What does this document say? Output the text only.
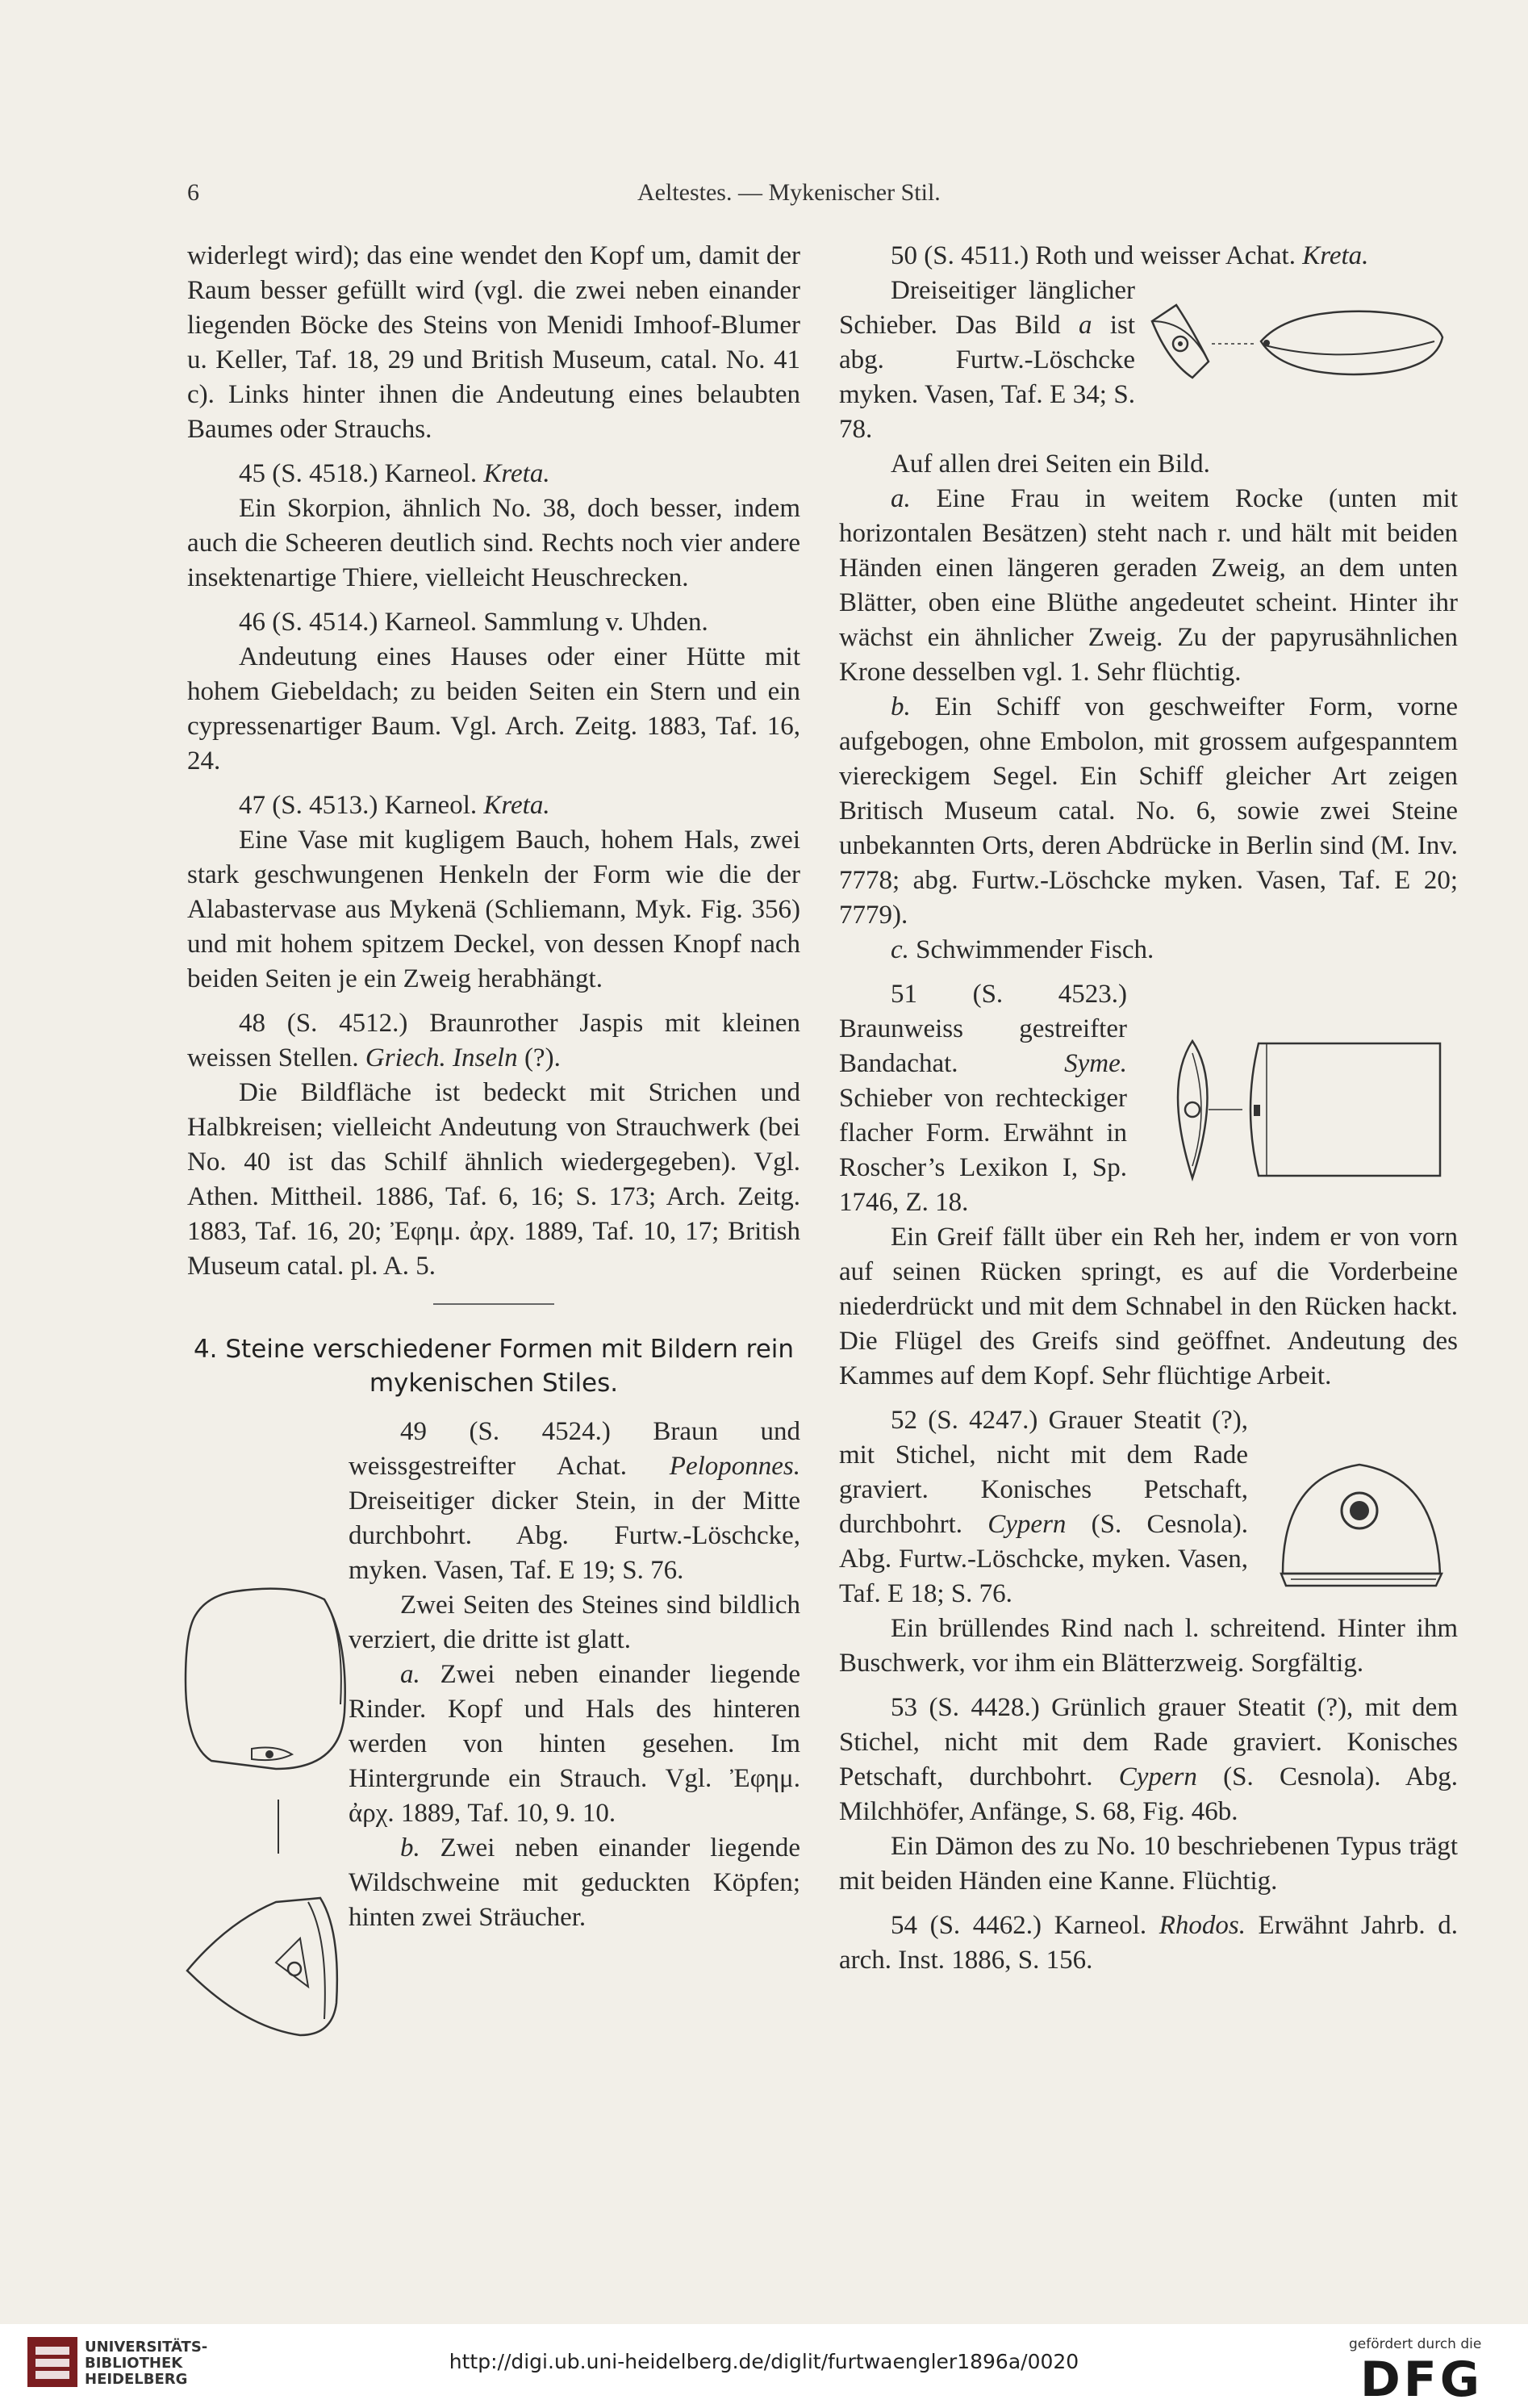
6	Aeltestes. — Mykenischer Stil.

widerlegt wird); das eine wendet den Kopf um, damit der Raum besser gefüllt wird (vgl. die zwei neben einander liegenden Böcke des Steins von Menidi Imhoof-Blumer u. Keller, Taf. 18, 29 und British Museum, catal. No. 41 c). Links hinter ihnen die Andeutung eines belaubten Baumes oder Strauchs.

45 (S. 4518.) Karneol. Kreta.

Ein Skorpion, ähnlich No. 38, doch besser, indem auch die Scheeren deutlich sind. Rechts noch vier andere insektenartige Thiere, vielleicht Heuschrecken.

46 (S. 4514.) Karneol. Sammlung v. Uhden.

Andeutung eines Hauses oder einer Hütte mit hohem Giebeldach; zu beiden Seiten ein Stern und ein cypressenartiger Baum. Vgl. Arch. Zeitg. 1883, Taf. 16, 24.

47 (S. 4513.) Karneol. Kreta.

Eine Vase mit kugligem Bauch, hohem Hals, zwei stark geschwungenen Henkeln der Form wie die der Alabastervase aus Mykenä (Schliemann, Myk. Fig. 356) und mit hohem spitzem Deckel, von dessen Knopf nach beiden Seiten je ein Zweig herabhängt.

48 (S. 4512.) Braunrother Jaspis mit kleinen weissen Stellen. Griech. Inseln (?).

Die Bildfläche ist bedeckt mit Strichen und Halbkreisen; vielleicht Andeutung von Strauchwerk (bei No. 40 ist das Schilf ähnlich wiedergegeben). Vgl. Athen. Mittheil. 1886, Taf. 6, 16; S. 173; Arch. Zeitg. 1883, Taf. 16, 20; Ἐφημ. ἀρχ. 1889, Taf. 10, 17; British Museum catal. pl. A. 5.

4. Steine verschiedener Formen mit Bildern rein mykenischen Stiles.

49 (S. 4524.) Braun und weissgestreifter Achat. Peloponnes. Dreiseitiger dicker Stein, in der Mitte durchbohrt. Abg. Furtw.-Löschcke, myken. Vasen, Taf. E 19; S. 76.

Zwei Seiten des Steines sind bildlich verziert, die dritte ist glatt.

a. Zwei neben einander liegende Rinder. Kopf und Hals des hinteren werden von hinten gesehen. Im Hintergrunde ein Strauch. Vgl. Ἐφημ. ἀρχ. 1889, Taf. 10, 9. 10.

b. Zwei neben einander liegende Wildschweine mit geduckten Köpfen; hinten zwei Sträucher.

50 (S. 4511.) Roth und weisser Achat. Kreta.

Dreiseitiger länglicher Schieber. Das Bild a ist abg. Furtw.-Löschcke myken. Vasen, Taf. E 34; S. 78.

Auf allen drei Seiten ein Bild.

a. Eine Frau in weitem Rocke (unten mit horizontalen Besätzen) steht nach r. und hält mit beiden Händen einen längeren geraden Zweig, an dem unten Blätter, oben eine Blüthe angedeutet scheint. Hinter ihr wächst ein ähnlicher Zweig. Zu der papyrusähnlichen Krone desselben vgl. 1. Sehr flüchtig.

b. Ein Schiff von geschweifter Form, vorne aufgebogen, ohne Embolon, mit grossem aufgespanntem viereckigem Segel. Ein Schiff gleicher Art zeigen Britisch Museum catal. No. 6, sowie zwei Steine unbekannten Orts, deren Abdrücke in Berlin sind (M. Inv. 7778; abg. Furtw.-Löschcke myken. Vasen, Taf. E 20; 7779).

c. Schwimmender Fisch.

51 (S. 4523.) Braunweiss gestreifter Bandachat. Syme. Schieber von rechteckiger flacher Form. Erwähnt in Roscher’s Lexikon I, Sp. 1746, Z. 18.

Ein Greif fällt über ein Reh her, indem er von vorn auf seinen Rücken springt, es auf die Vorderbeine niederdrückt und mit dem Schnabel in den Rücken hackt. Die Flügel des Greifs sind geöffnet. Andeutung des Kammes auf dem Kopf. Sehr flüchtige Arbeit.

52 (S. 4247.) Grauer Steatit (?), mit Stichel, nicht mit dem Rade graviert. Konisches Petschaft, durchbohrt. Cypern (S. Cesnola). Abg. Furtw.-Löschcke, myken. Vasen, Taf. E 18; S. 76.

Ein brüllendes Rind nach l. schreitend. Hinter ihm Buschwerk, vor ihm ein Blätterzweig. Sorgfältig.

53 (S. 4428.) Grünlich grauer Steatit (?), mit dem Stichel, nicht mit dem Rade graviert. Konisches Petschaft, durchbohrt. Cypern (S. Cesnola). Abg. Milchhöfer, Anfänge, S. 68, Fig. 46b.

Ein Dämon des zu No. 10 beschriebenen Typus trägt mit beiden Händen eine Kanne. Flüchtig.

54 (S. 4462.) Karneol. Rhodos. Erwähnt Jahrb. d. arch. Inst. 1886, S. 156.

UNIVERSITÄTS-
BIBLIOTHEK
HEIDELBERG
http://digi.ub.uni-heidelberg.de/diglit/furtwaengler1896a/0020
gefördert durch die
DFG
